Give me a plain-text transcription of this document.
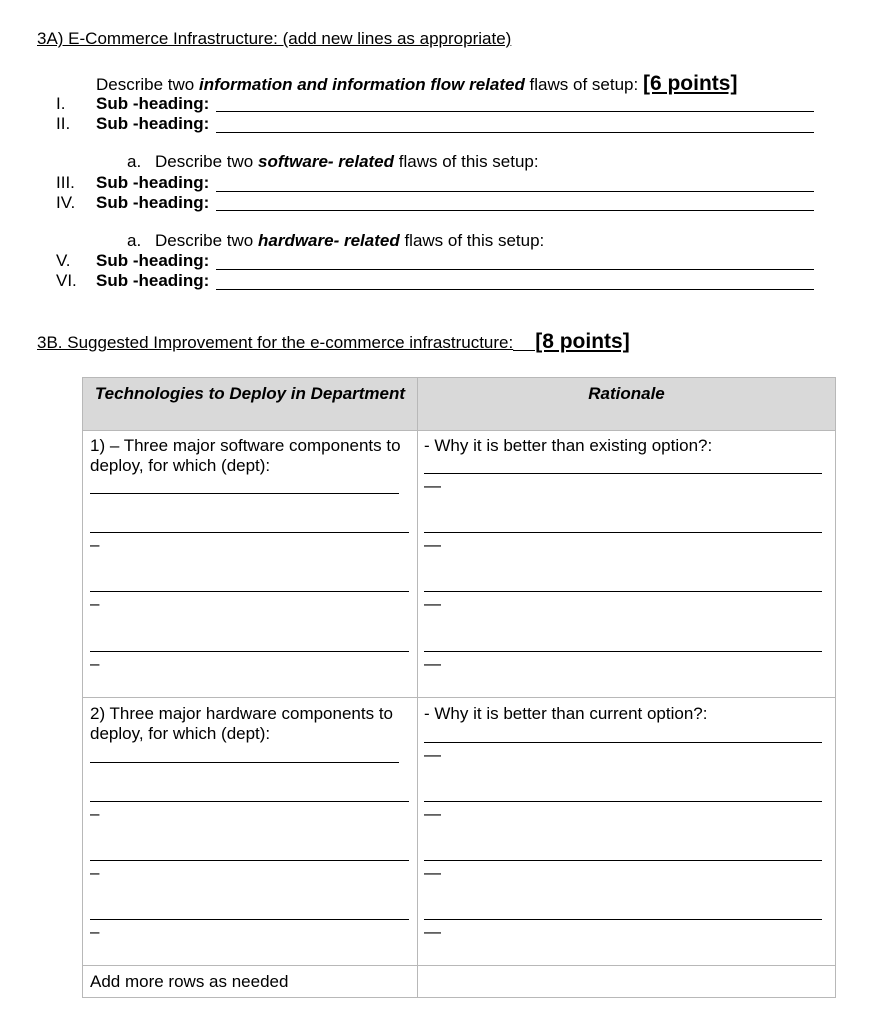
3A) E-Commerce Infrastructure: (add new lines as appropriate)
Describe two information and information flow related flaws of setup: [6 points]
I. Sub -heading:
II. Sub -heading:
a. Describe two software- related flaws of this setup:
III. Sub -heading:
IV. Sub -heading:
a. Describe two hardware- related flaws of this setup:
V. Sub -heading:
VI. Sub -heading:
3B. Suggested Improvement for the e-commerce infrastructure: [8 points]
Technologies to Deploy in Department	Rationale
1) – Three major software components to deploy, for which (dept):
- Why it is better than existing option?:
–
–
–
—
—
—
—
2) Three major hardware components to deploy, for which (dept):
- Why it is better than current option?:
–
–
–
—
—
—
—
Add more rows as needed
